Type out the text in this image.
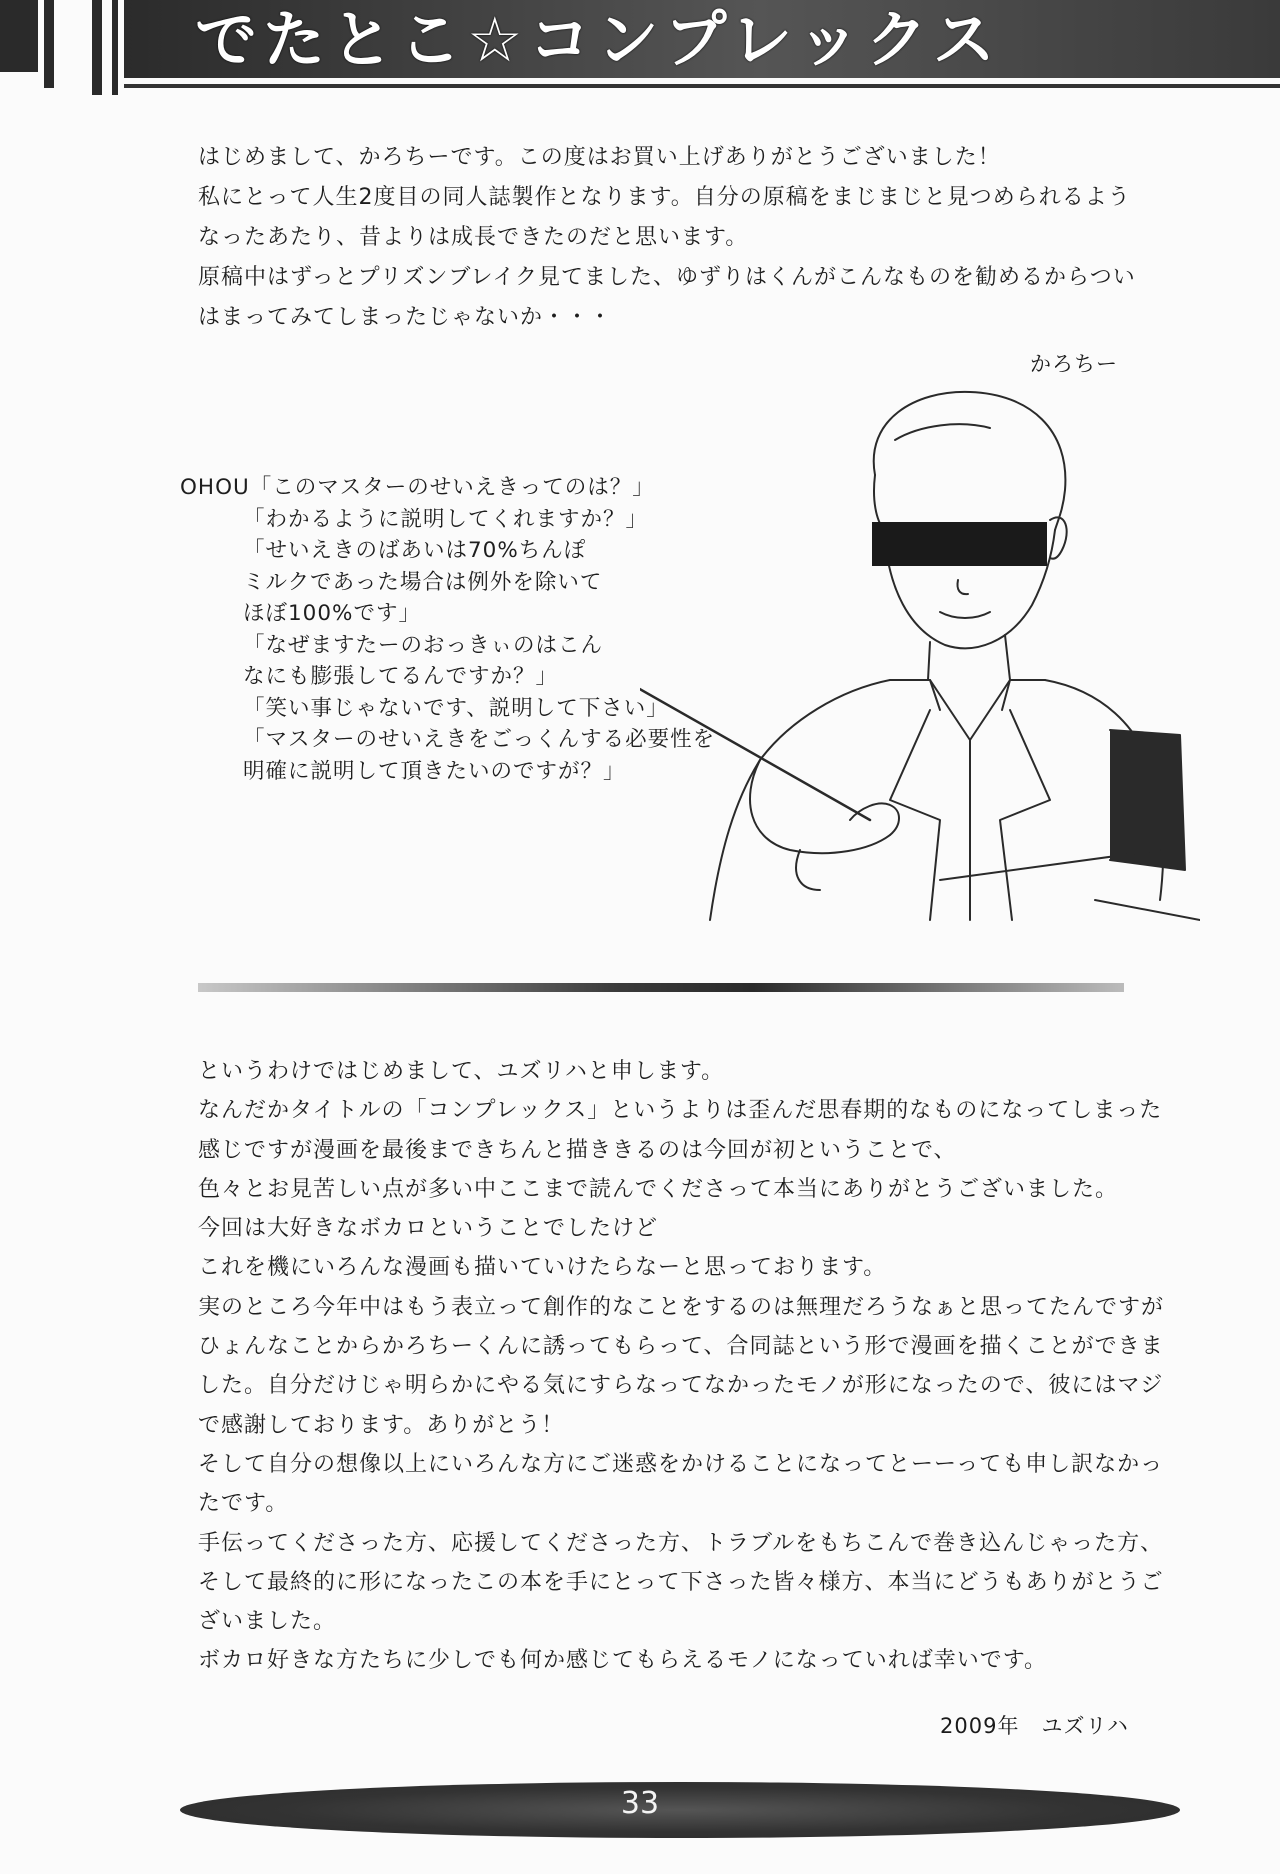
でたとこ☆コンプレックス

はじめまして、かろちーです。この度はお買い上げありがとうございました！

私にとって人生2度目の同人誌製作となります。自分の原稿をまじまじと見つめられるよう

なったあたり、昔よりは成長できたのだと思います。

原稿中はずっとプリズンブレイク見てました、ゆずりはくんがこんなものを勧めるからつい

はまってみてしまったじゃないか・・・

かろちー

OHOU「このマスターのせいえきってのは？」

「わかるように説明してくれますか？」

「せいえきのばあいは70%ちんぽ

ミルクであった場合は例外を除いて

ほぼ100%です」

「なぜますたーのおっきぃのはこん

なにも膨張してるんですか？」

「笑い事じゃないです、説明して下さい」

「マスターのせいえきをごっくんする必要性を

明確に説明して頂きたいのですが？」

というわけではじめまして、ユズリハと申します。

なんだかタイトルの「コンプレックス」というよりは歪んだ思春期的なものになってしまった

感じですが漫画を最後まできちんと描ききるのは今回が初ということで、

色々とお見苦しい点が多い中ここまで読んでくださって本当にありがとうございました。

今回は大好きなボカロということでしたけど

これを機にいろんな漫画も描いていけたらなーと思っております。

実のところ今年中はもう表立って創作的なことをするのは無理だろうなぁと思ってたんですが

ひょんなことからかろちーくんに誘ってもらって、合同誌という形で漫画を描くことができま

した。自分だけじゃ明らかにやる気にすらなってなかったモノが形になったので、彼にはマジ

で感謝しております。ありがとう！

そして自分の想像以上にいろんな方にご迷惑をかけることになってとーーっても申し訳なかっ

たです。

手伝ってくださった方、応援してくださった方、トラブルをもちこんで巻き込んじゃった方、

そして最終的に形になったこの本を手にとって下さった皆々様方、本当にどうもありがとうご

ざいました。

ボカロ好きな方たちに少しでも何か感じてもらえるモノになっていれば幸いです。

2009年　ユズリハ
33
